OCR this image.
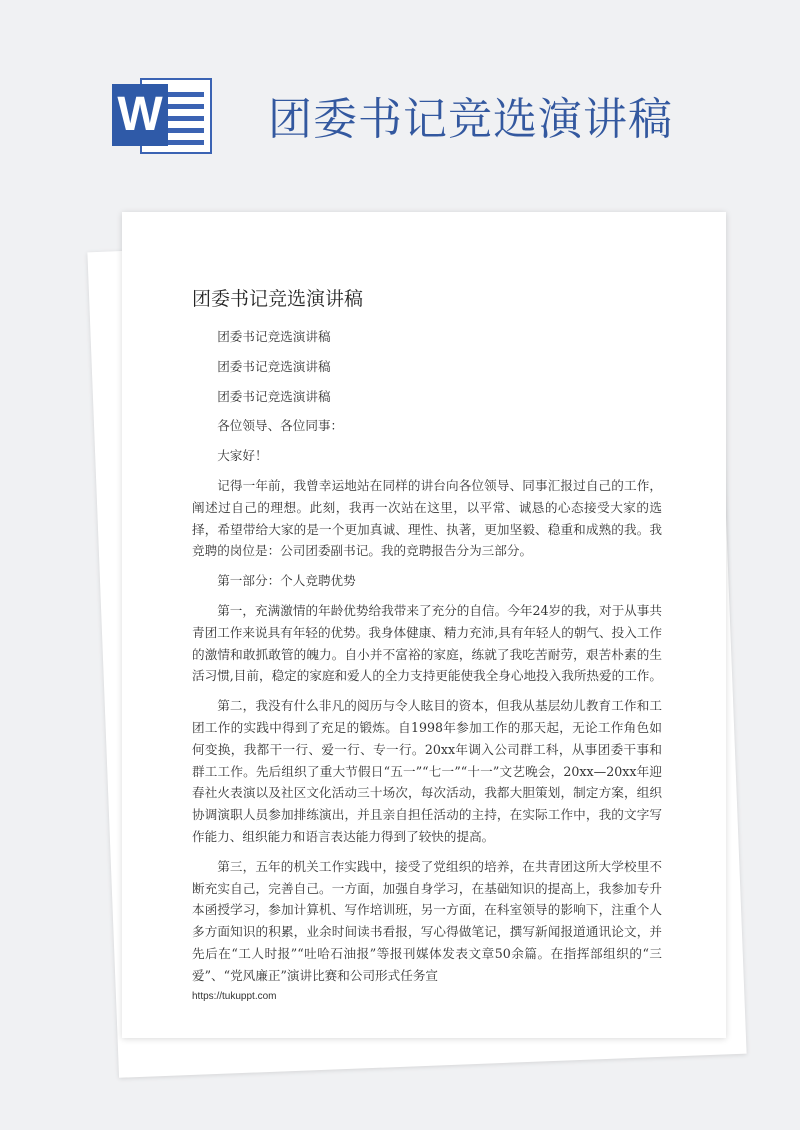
W 团委书记竞选演讲稿
团委书记竞选演讲稿

团委书记竞选演讲稿

团委书记竞选演讲稿

团委书记竞选演讲稿

各位领导、各位同事：

大家好！

记得一年前，我曾幸运地站在同样的讲台向各位领导、同事汇报过自己的工作，阐述过自己的理想。此刻，我再一次站在这里，以平常、诚恳的心态接受大家的选择，希望带给大家的是一个更加真诚、理性、执著，更加坚毅、稳重和成熟的我。我竞聘的岗位是：公司团委副书记。我的竞聘报告分为三部分。

第一部分：个人竞聘优势

第一，充满激情的年龄优势给我带来了充分的自信。今年24岁的我，对于从事共青团工作来说具有年轻的优势。我身体健康、精力充沛,具有年轻人的朝气、投入工作的激情和敢抓敢管的魄力。自小并不富裕的家庭，练就了我吃苦耐劳，艰苦朴素的生活习惯,目前，稳定的家庭和爱人的全力支持更能使我全身心地投入我所热爱的工作。

第二，我没有什么非凡的阅历与令人眩目的资本，但我从基层幼儿教育工作和工团工作的实践中得到了充足的锻炼。自1998年参加工作的那天起，无论工作角色如何变换，我都干一行、爱一行、专一行。20xx年调入公司群工科，从事团委干事和群工工作。先后组织了重大节假日“五一”“七一”“十一”文艺晚会，20xx—20xx年迎春社火表演以及社区文化活动三十场次，每次活动，我都大胆策划，制定方案，组织协调演职人员参加排练演出，并且亲自担任活动的主持，在实际工作中，我的文字写作能力、组织能力和语言表达能力得到了较快的提高。

第三，五年的机关工作实践中，接受了党组织的培养，在共青团这所大学校里不断充实自己，完善自己。一方面，加强自身学习，在基础知识的提高上，我参加专升本函授学习，参加计算机、写作培训班，另一方面，在科室领导的影响下，注重个人多方面知识的积累，业余时间读书看报，写心得做笔记，撰写新闻报道通讯论文，并先后在“工人时报”“吐哈石油报”等报刊媒体发表文章50余篇。在指挥部组织的“三爱”、“党风廉正”演讲比赛和公司形式任务宣

https://tukuppt.com
